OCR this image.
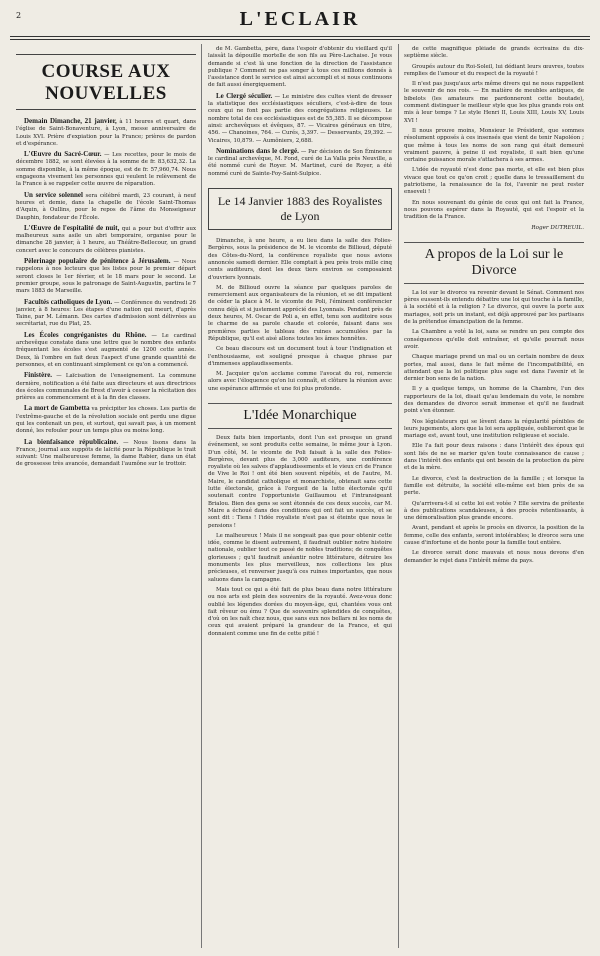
2	L'ECLAIR
COURSE AUX NOUVELLES

Demain Dimanche, 21 janvier, à 11 heures et quart, dans l'église de Saint-Bonaventure, à Lyon, messe anniversaire de Louis XVI. Prière d'expiation pour la France; prières de pardon et d'espérance.

L'Œuvre du Sacré-Cœur. — Les recettes, pour le mois de décembre 1882, se sont élevées à la somme de fr. 83,632,32. La somme disponible, à la même époque, est de fr. 57,960,74. Nous engageons vivement les personnes qui veulent le relèvement de la France à se rappeler cette œuvre de réparation.

Un service solennel sera célébré mardi, 23 courant, à neuf heures et demie, dans la chapelle de l'école Saint-Thomas d'Aquin, à Oullins, pour le repos de l'âme du Monseigneur Dauphin, fondateur de l'École.

L'Œuvre de l'espitalité de nuit, qui a pour but d'offrir aux malheureux sans asile un abri temporaire, organise pour le dimanche 28 janvier, à 1 heure, au Théâtre-Bellecour, un grand concert avec le concours de célèbres pianistes.

Pèlerinage populaire de pénitence à Jérusalem. — Nous rappelons à nos lecteurs que les listes pour le premier départ seront closes le 1er février, et le 18 mars pour le second. Le premier groupe, sous le patronage de Saint-Augustin, partira le 7 mars 1883 de Marseille.

Facultés catholiques de Lyon. — Conférence du vendredi 26 janvier, à 8 heures: Les étapes d'une nation qui meurt, d'après Taine, par M. Lémann. Des cartes d'admission sont délivrées au secrétariat, rue du Plat, 25.

Les Écoles congréganistes du Rhône. — Le cardinal archevêque constate dans une lettre que le nombre des enfants fréquentant les écoles s'est augmenté de 1200 cette année. Deux, là l'ombre en fait deux l'aspect d'une grande quantité de personnes, et en continuant simplement ce qu'on a commencé.

Finistère. — Laïcisation de l'enseignement. La commune dernière, notification a été faite aux directeurs et aux directrices des écoles communales de Brest d'avoir à cesser la récitation des prières au commencement et à la fin des classes.

La mort de Gambetta va précipiter les choses. Les partis de l'extrême-gauche et de la révolution sociale ont perdu une digue qui les contenait un peu, et surtout, qui savait pas, à un moment donné, les refouler pour un temps plus ou moins long.

La bienfaisance républicaine. — Nous lisons dans la France, journal aux suppôts de laïcité pour la République le trait suivant: Une malheureuse femme, la dame Rabier, dans un état de grossesse très avancée, demandait l'aumône sur le trottoir.

de M. Gambetta, père, dans l'espoir d'obtenir du vieillard qu'il laissât la dépouille mortelle de son fils au Père-Lachaise. Je vous demande si c'est là une fonction de la direction de l'assistance publique ? Comment ne pas songer à tous ces millions donnés à l'assistance dont le service est ainsi accompli et si nous continuons de fait aussi énergiquement.

Le Clergé séculier. — Le ministre des cultes vient de dresser la statistique des ecclésiastiques séculiers, c'est-à-dire de tous ceux qui ne font pas partie des congrégations religieuses. Le nombre total de ces ecclésiastiques est de 55,385. Il se décompose ainsi: archevêques et évêques, 87. — Vicaires généraux en titre, 456. — Chanoines, 764. — Curés, 3,397. — Desservants, 29,392. — Vicaires, 10,879. — Aumôniers, 2,688.

Nominations dans le clergé. — Par décision de Son Éminence le cardinal archevêque, M. Fond, curé de La Valla près Neuville, a été nommé curé de Royer. M. Martinet, curé de Royer, a été nommé curé de Sainte-Foy-Saint-Sulpice.

Le 14 Janvier 1883 des Royalistes de Lyon

Dimanche, à une heure, a eu lieu dans la salle des Folies-Bergères, sous la présidence de M. le vicomte de Billioud, député des Côtes-du-Nord, la conférence royaliste que nous avions annoncée samedi dernier. Elle comptait à peu près trois mille cinq cents auditeurs, dont les deux tiers environ se composaient d'ouvriers lyonnais.

M. de Billioud ouvre la séance par quelques paroles de remerciement aux organisateurs de la réunion, et se dit impatient de céder la place à M. le vicomte de Poli, l'éminent conférencier connu déjà et si justement apprécié des Lyonnais. Pendant près de deux heures, M. Oscar de Poli a, en effet, tenu son auditoire sous le charme de sa parole chaude et colorée, faisant dans ses premières parties le tableau des ruines accumulées par la République, qu'il est aisé allons toutes les âmes honnêtes.

Ce beau discours est un document tout à tour l'indignation et l'enthousiasme, est souligné presque à chaque phrase par d'immenses applaudissements.

M. Jacquier qu'on acclame comme l'avocat du roi, remercie alors avec l'éloquence qu'on lui connaît, et clôture la réunion avec une espérance affirmée et une foi plus profonde.

L'Idée Monarchique

Deux faits bien importants, dont l'un est presque un grand événement, se sont produits cette semaine, le même jour à Lyon. D'un côté, M. le vicomte de Poli faisait à la salle des Folies-Bergères, devant plus de 3,000 auditeurs, une conférence royaliste où les salves d'applaudissements et le vieux cri de France de Vive le Roi ! ont été bien souvent répétés, et de l'autre, M. Maire, le candidat catholique et monarchiste, obtenait sans cette lutte électorale, grâce à l'orgueil de la lutte électorale qu'il soutenait contre l'opportuniste Guillaumou et l'intransigeant Brialou. Bien des gens se sont étonnés de ces deux succès, car M. Maire a échoué dans des conditions qui ont fait un succès, et se sont dit : Tiens ! l'idée royaliste n'est pas si éteinte que nous le pensions !

Le malheureux ! Mais il ne songeait pas que pour obtenir cette idée, comme le disent autrement, il faudrait oublier notre histoire nationale, oublier tout ce passé de nobles traditions; de conquêtes glorieuses ; qu'il faudrait anéantir notre littérature, détruire les monuments les plus merveilleux, nos collections les plus précieuses, et renverser jusqu'à ces ruines importantes, que nous saluons dans la campagne.

Mais tout ce qui a été fait de plus beau dans notre littérature ou nos arts est plein des souvenirs de la royauté. Avez-vous donc oublié les légendes dorées du moyen-âge, qui, chantées vous ont fait rêveur ou ému ? Que de souvenirs splendides de conquêtes, d'où on les naît chez nous, que sans eux nos bellars ni les noms de ceux qui avaient préparé la grandeur de la France, et qui donnaient comme une fin de cette pitié !

de cette magnifique pléiade de grands écrivains du dix-septième siècle.

Groupés autour du Roi-Soleil, lui dédiant leurs œuvres, toutes remplies de l'amour et du respect de la royauté !

Il n'est pas jusqu'aux arts même divers qui ne nous rappellent le souvenir de nos rois. — En matière de meubles antiques, de bibelots (les amateurs me pardonneront cette boutade), comment distinguer le meilleur style que les plus grands rois ont mis à leur temps ? Le style Henri II, Louis XIII, Louis XV, Louis XVI !

Il nous prouve moins, Monsieur le Président, que sommes résolument opposés à ces insensés que vient de tenir Napoléon ; que même à tous les noms de son rang qui était demeuré vraiment pauvre, à peine il est royaliste, il sait bien qu'une certaine puissance morale s'attachera à ses armes.

L'idée de royauté n'est donc pas morte, et elle est bien plus vivace que tout ce qu'on croit ; quelle dans le tressaillement du patriotisme, la renaissance de la foi, l'avenir ne peut rester enseveli !

En nous souvenant du génie de ceux qui ont fait la France, nous pouvons espérer dans la Royauté, qui est l'espoir et la tradition de la France.

Roger DUTREUIL.

A propos de la Loi sur le Divorce

La loi sur le divorce va revenir devant le Sénat. Comment nos pères eussent-ils entendu débattre une loi qui touche à la famille, à la société et à la religion ? Le divorce, qui ouvre la porte aux mariages, soit pris un instant, est déjà approuvé par les partisans de la prétendue émancipation de la femme.

La Chambre a voté la loi, sans se rendre un peu compte des conséquences qu'elle doit entraîner, et qu'elle pourrait nous avoir.

Chaque mariage prend un mal ou un certain nombre de deux portes, mal aussi, dans le fait même de l'incompatibilité, en attendant que la loi politique plus sage est dans l'avenir et le dernier bon sens de la nation.

Il y a quelque temps, un homme de la Chambre, l'un des rapporteurs de la loi, disait qu'au lendemain du vote, le nombre des demandes de divorce serait immense et qu'il ne faudrait point s'en étonner.

Nos législateurs qui se lèvent dans la régularité pénibles de leurs jugements, alors que la loi sera appliquée, oublieront que le mariage est, avant tout, une institution religieuse et sociale.

Elle l'a fait pour deux raisons : dans l'intérêt des époux qui sont liés de ne se marier qu'en toute connaissance de cause ; dans l'intérêt des enfants qui ont besoin de la protection du père et de la mère.

Le divorce, c'est la destruction de la famille ; et lorsque la famille est détruite, la société elle-même est bien près de sa perte.

Qu'arrivera-t-il si cette loi est votée ? Elle servira de prétexte à des publications scandaleuses, à des procès retentissants, à une démoralisation plus grande encore.

Avant, pendant et après le procès en divorce, la position de la femme, celle des enfants, seront intolérables; le divorce sera une cause d'infortune et de honte pour la famille tout entière.

Le divorce serait donc mauvais et nous nous devons d'en demander le rejet dans l'intérêt même du pays.
